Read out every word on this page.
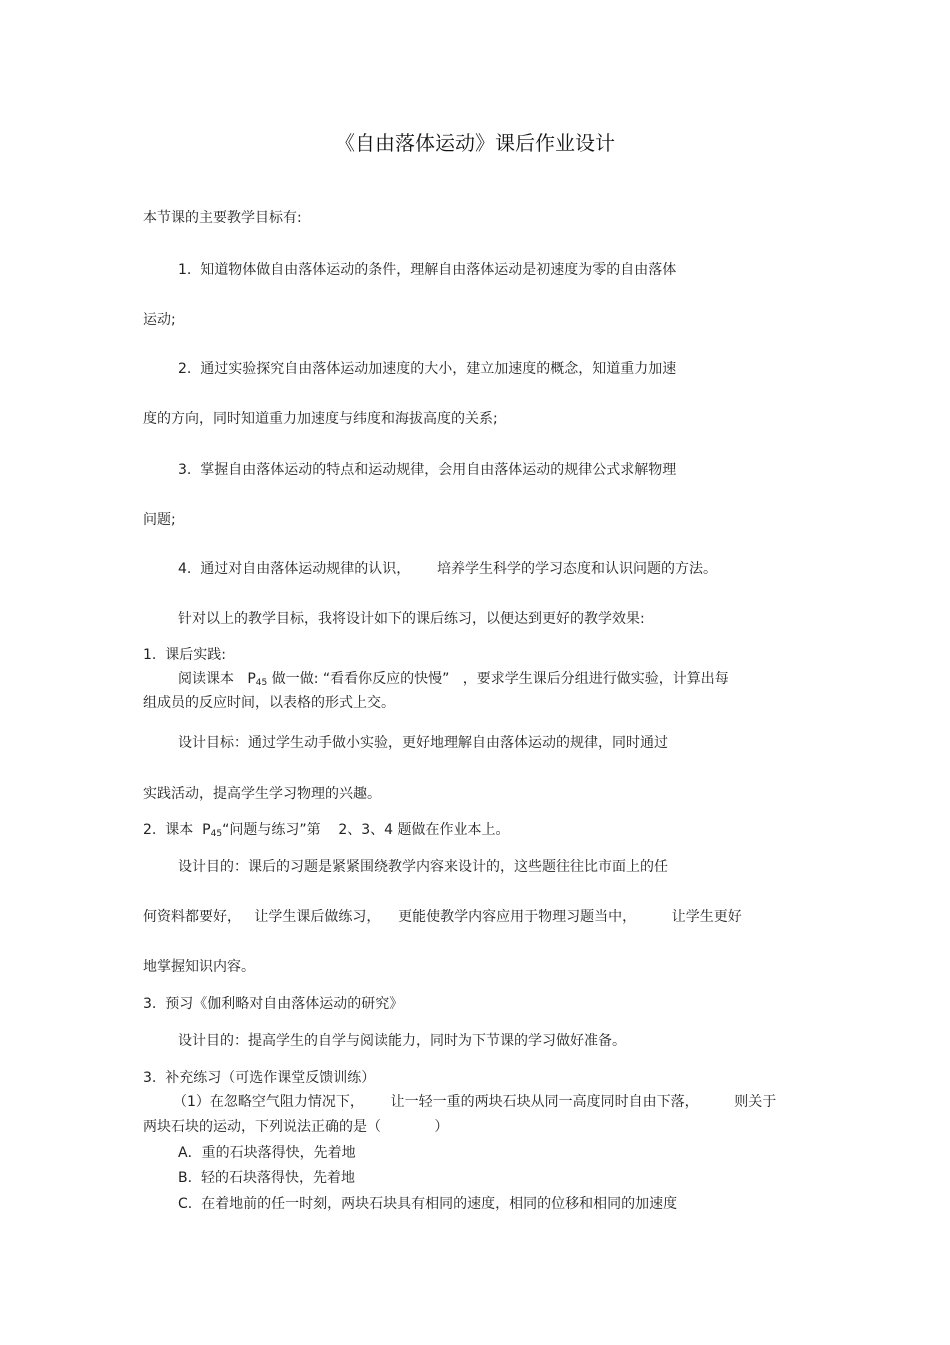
《自由落体运动》课后作业设计

本节课的主要教学目标有:

1.  知道物体做自由落体运动的条件，理解自由落体运动是初速度为零的自由落体

运动;

2.  通过实验探究自由落体运动加速度的大小，建立加速度的概念，知道重力加速

度的方向，同时知道重力加速度与纬度和海拔高度的关系;

3.  掌握自由落体运动的特点和运动规律，会用自由落体运动的规律公式求解物理

问题;

4.  通过对自由落体运动规律的认识，      培养学生科学的学习态度和认识问题的方法。

针对以上的教学目标，我将设计如下的课后练习，以便达到更好的教学效果:

1.  课后实践:

阅读课本   $P_{45}$ 做一做: “看看你反应的快慢”   ，要求学生课后分组进行做实验，计算出每

组成员的反应时间，以表格的形式上交。

设计目标：通过学生动手做小实验，更好地理解自由落体运动的规律，同时通过

实践活动，提高学生学习物理的兴趣。

2.  课本  $P_{45}“$问题与练习”第    2、3、4 题做在作业本上。

设计目的：课后的习题是紧紧围绕教学内容来设计的，这些题往往比市面上的任

何资料都要好，   让学生课后做练习，    更能使教学内容应用于物理习题当中，        让学生更好

地掌握知识内容。

3.  预习《伽利略对自由落体运动的研究》

设计目的：提高学生的自学与阅读能力，同时为下节课的学习做好准备。

3.  补充练习（可选作课堂反馈训练）

（1）在忽略空气阻力情况下，      让一轻一重的两块石块从同一高度同时自由下落，        则关于

两块石块的运动，下列说法正确的是（            ）

A．重的石块落得快，先着地

B.  轻的石块落得快，先着地

C.  在着地前的任一时刻，两块石块具有相同的速度，相同的位移和相同的加速度
